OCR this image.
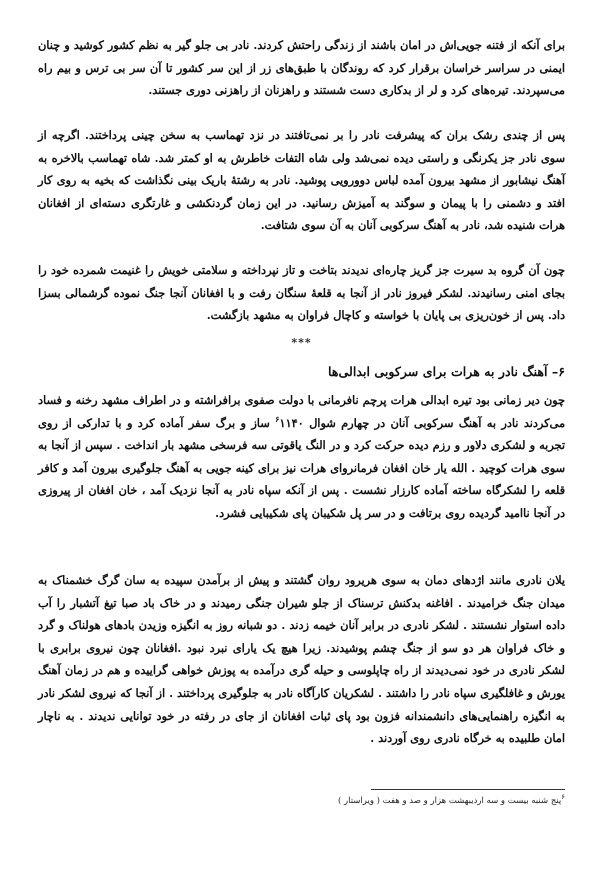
برای آنکه از فتنه جویی‌اش در امان باشند از زندگی راحتش کردند. نادر بی جلو گیر به نظم کشور کوشید و چنان ایمنی در سراسر خراسان برقرار کرد که روندگان با طبق‌های زر از این سر کشور تا آن سر بی ترس و بیم راه می‌سپردند. تیره‌های کرد و لر از بدکاری دست شستند و راهزنان از راهزنی دوری جستند.

پس از چندی رشک بران که پیشرفت نادر را بر نمی‌تافتند در نزد تهماسب به سخن چینی پرداختند. اگرچه از سوی نادر جز یکرنگی و راستی دیده نمی‌شد ولی شاه التفات خاطرش به او کمتر شد. شاه تهماسب بالاخره به آهنگ نیشابور از مشهد بیرون آمده لباس دوورویی پوشید. نادر به رشتهٔ باریک بینی نگذاشت که بخیه به روی کار افتد و دشمنی را با پیمان و سوگند به آمیزش رسانید. در این زمان گردنکشی و غارتگری دسته‌ای از افغانان هرات شنیده شد، نادر به آهنگ سرکوبی آنان به آن سوی شتافت.

چون آن گروه بد سیرت جز گریز چاره‌ای ندیدند بتاخت و تاز نپرداخته و سلامتی خویش را غنیمت شمرده خود را بجای امنی رسانیدند. لشکر فیروز نادر از آنجا به قلعهٔ سنگان رفت و با افغانان آنجا جنگ نموده گرشمالی بسزا داد. پس از خون‌ریزی بی پایان با خواسته و کاچال فراوان به مشهد بازگشت.

***
۶– آهنگ نادر به هرات برای سرکوبی ابدالی‌ها

چون دیر زمانی بود تیره ابدالی هرات پرچم نافرمانی با دولت صفوی برافراشته و در اطراف مشهد رخنه و فساد می‌کردند نادر به آهنگ سرکوبی آنان در چهارم شوال $^۶$۱۱۴۰ ساز و برگ سفر آماده کرد و با تدارکی از روی تجربه و لشکری دلاور و رزم دیده حرکت کرد و در النگ یاقوتی سه فرسخی مشهد بار انداخت . سپس از آنجا به سوی هرات کوچید . الله یار خان افغان فرمانروای هرات نیز برای کینه جویی به آهنگ جلوگیری بیرون آمد و کافر قلعه را لشکرگاه ساخته آماده کارزار نشست . پس از آنکه سپاه نادر به آنجا نزدیک آمد ، خان افغان از پیروزی در آنجا ناامید گردیده روی برتافت و در سر پل شکیبان پای شکیبایی فشرد.

یلان نادری مانند اژدهای دمان به سوی هریرود روان گشتند و پیش از برآمدن سپیده به سان گرگ خشمناک به میدان جنگ خرامیدند . افاغنه بدکنش ترسناک از جلو شیران جنگی رمیدند و در خاک باد صبا تیغ آتشبار را آب داده استوار نشستند . لشکر نادری در برابر آنان خیمه زدند . دو شبانه روز به انگیزه وزیدن بادهای هولناک و گرد و خاک فراوان هر دو سو از جنگ چشم پوشیدند. زیرا هیچ یک یارای نبرد نبود .افغانان چون نیروی برابری با لشکر نادری در خود نمی‌دیدند از راه چاپلوسی و حیله گری درآمده به پوزش خواهی گراییده و هم در زمان آهنگ یورش و غافلگیری سپاه نادر را داشتند . لشکریان کارآگاه نادر به جلوگیری پرداختند . از آنجا که نیروی لشکر نادر به انگیزه راهنمایی‌های دانشمندانه فزون بود پای ثبات افغانان از جای در رفته در خود توانایی ندیدند . به ناچار امان طلبیده به خرگاه نادری روی آوردند .

$^۶$پنج شنبه بیست و سه اردیبهشت هزار و صد و هفت ( ویراستار )
